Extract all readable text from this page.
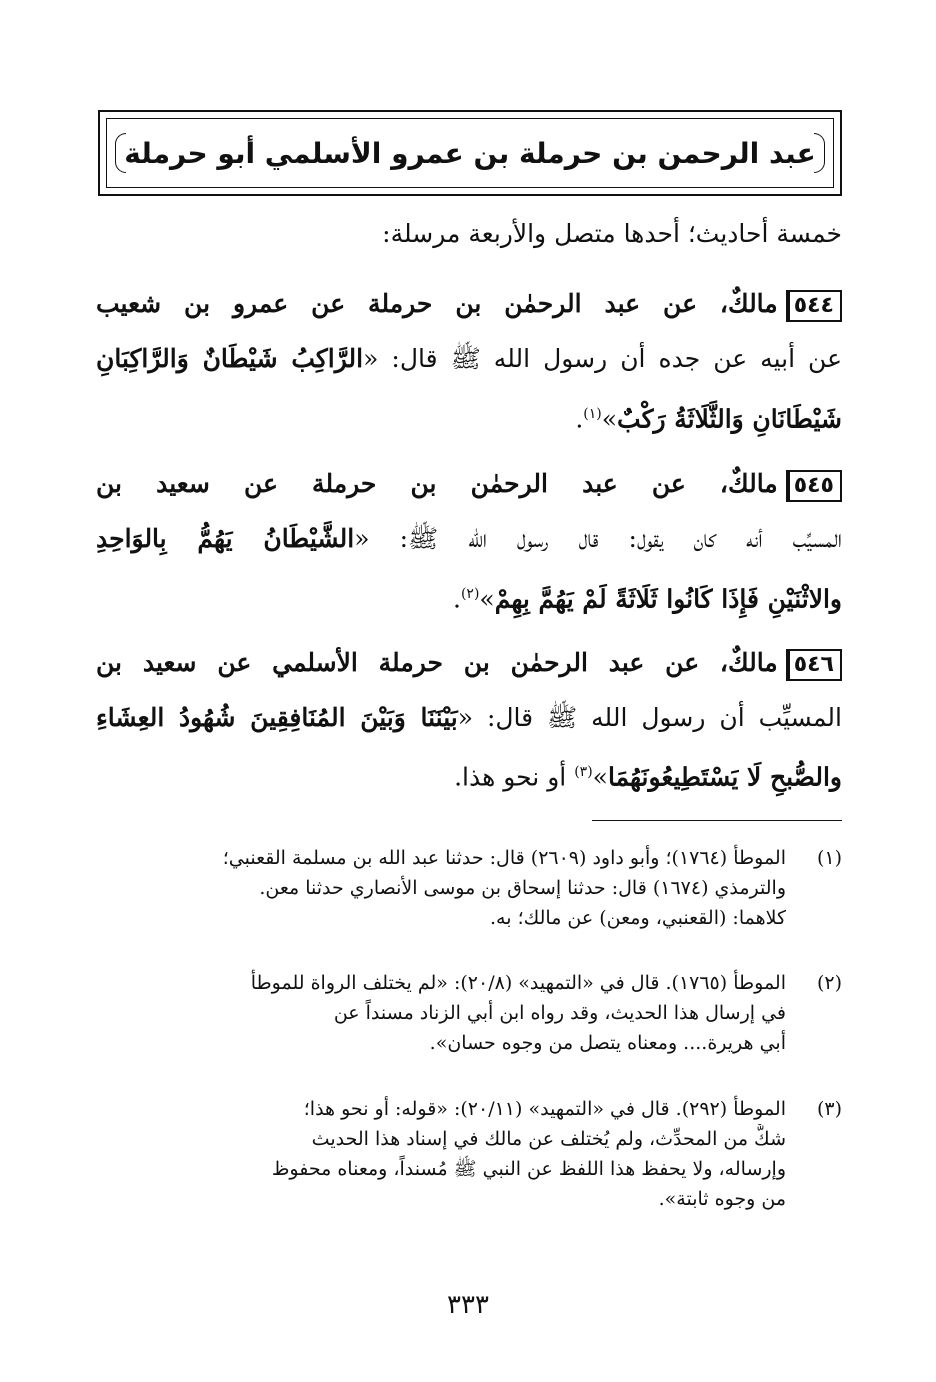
عبد الرحمن بن حرملة بن عمرو الأسلمي أبو حرملة
خمسة أحاديث؛ أحدها متصل والأربعة مرسلة:
٥٤٤مالكٌ، عن عبد الرحمٰن بن حرملة عن عمرو بن شعيب
عن أبيه عن جده أن رسول الله ﷺ قال: «الرَّاكِبُ شَيْطَانٌ وَالرَّاكِبَانِ
شَيْطَانَانِ وَالثَّلَاثَةُ رَكْبٌ»$^{(١)}$.
٥٤٥مالكٌ، عن عبد الرحمٰن بن حرملة عن سعيد بن
المسيِّب أنه كان يقول: قال رسول الله ﷺ: «الشَّيْطَانُ يَهُمُّ بِالوَاحِدِ
والاثْنَيْنِ فَإِذَا كَانُوا ثَلَاثَةً لَمْ يَهُمَّ بِهِمْ»$^{(٢)}$.
٥٤٦مالكٌ، عن عبد الرحمٰن بن حرملة الأسلمي عن سعيد بن
المسيِّب أن رسول الله ﷺ قال: «بَيْنَنَا وَبَيْنَ المُنَافِقِينَ شُهُودُ العِشَاءِ
والصُّبحِ لَا يَسْتَطِيعُونَهُمَا»$^{(٣)}$ أو نحو هذا.
(١)
الموطأ (١٧٦٤)؛ وأبو داود (٢٦٠٩) قال: حدثنا عبد الله بن مسلمة القعنبي؛
والترمذي (١٦٧٤) قال: حدثنا إسحاق بن موسى الأنصاري حدثنا معن.
كلاهما: (القعنبي، ومعن) عن مالك؛ به.
(٢)
الموطأ (١٧٦٥). قال في «التمهيد» (٢٠/٨): «لم يختلف الرواة للموطأ
في إرسال هذا الحديث، وقد رواه ابن أبي الزناد مسنداً عن
أبي هريرة.... ومعناه يتصل من وجوه حسان».
(٣)
الموطأ (٢٩٢). قال في «التمهيد» (٢٠/١١): «قوله: أو نحو هذا؛
شكٌّ من المحدِّث، ولم يُختلف عن مالك في إسناد هذا الحديث
وإرساله، ولا يحفظ هذا اللفظ عن النبي ﷺ مُسنداً، ومعناه محفوظ
من وجوه ثابتة».
٣٣٣
